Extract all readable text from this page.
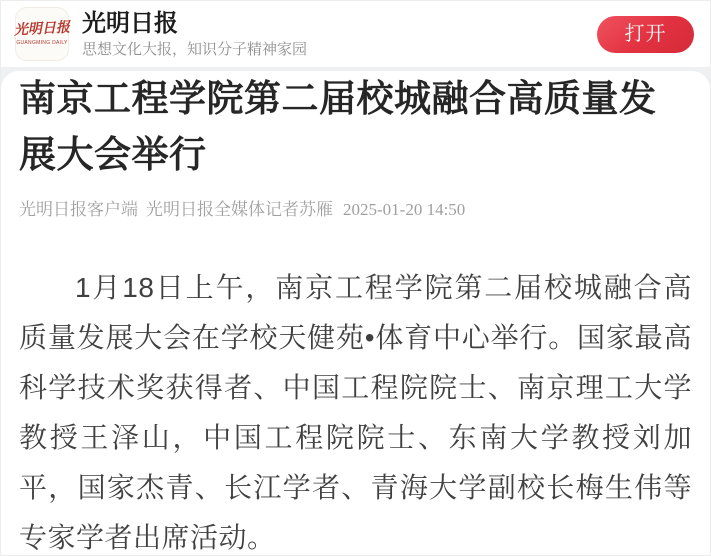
光明日报
GUANGMING DAILY
光明日报
思想文化大报，知识分子精神家园
打开
南京工程学院第二届校城融合高质量发展大会举行
光明日报客户端 光明日报全媒体记者苏雁 2025-01-20 14:50

1月18日上午，南京工程学院第二届校城融合高质量发展大会在学校天健苑•体育中心举行。国家最高科学技术奖获得者、中国工程院院士、南京理工大学教授王泽山，中国工程院院士、东南大学教授刘加平，国家杰青、长江学者、青海大学副校长梅生伟等专家学者出席活动。
